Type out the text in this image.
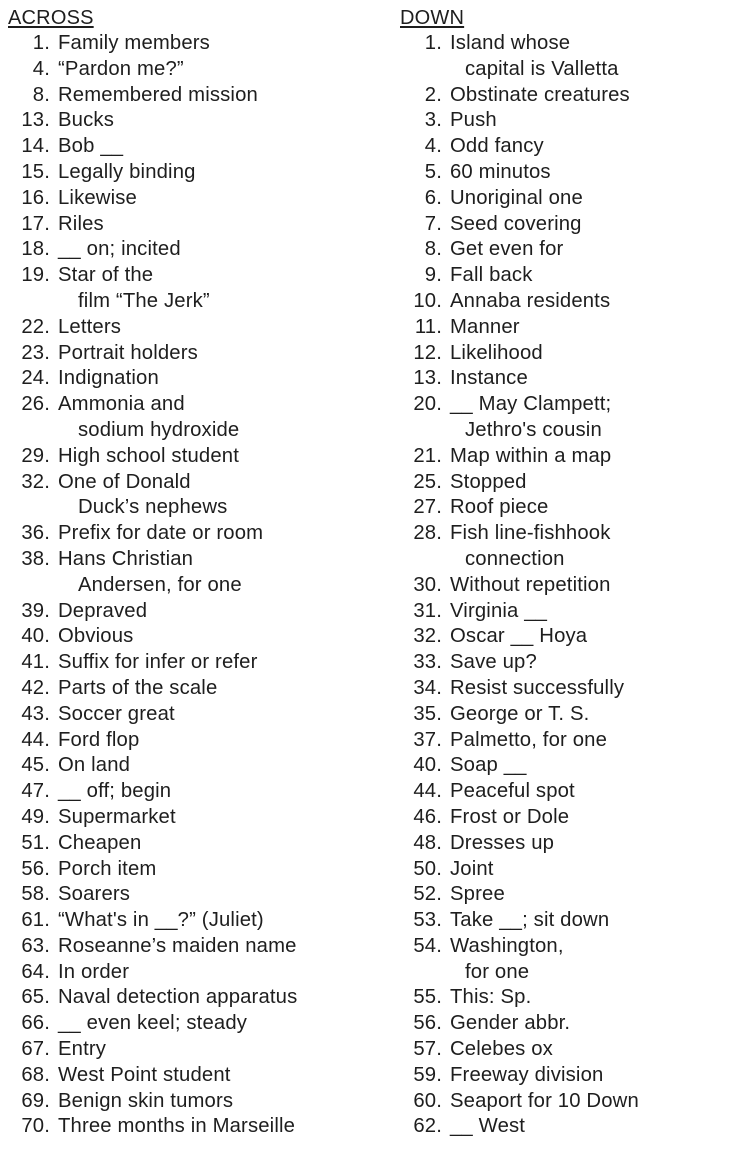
ACROSS
1. Family members
4. “Pardon me?”
8. Remembered mission
13. Bucks
14. Bob __
15. Legally binding
16. Likewise
17. Riles
18. __ on; incited
19. Star of the
film “The Jerk”
22. Letters
23. Portrait holders
24. Indignation
26. Ammonia and
sodium hydroxide
29. High school student
32. One of Donald
Duck’s nephews
36. Prefix for date or room
38. Hans Christian
Andersen, for one
39. Depraved
40. Obvious
41. Suffix for infer or refer
42. Parts of the scale
43. Soccer great
44. Ford flop
45. On land
47. __ off; begin
49. Supermarket
51. Cheapen
56. Porch item
58. Soarers
61. “What's in __?” (Juliet)
63. Roseanne’s maiden name
64. In order
65. Naval detection apparatus
66. __ even keel; steady
67. Entry
68. West Point student
69. Benign skin tumors
70. Three months in Marseille
DOWN
1. Island whose
capital is Valletta
2. Obstinate creatures
3. Push
4. Odd fancy
5. 60 minutos
6. Unoriginal one
7. Seed covering
8. Get even for
9. Fall back
10. Annaba residents
11. Manner
12. Likelihood
13. Instance
20. __ May Clampett;
Jethro's cousin
21. Map within a map
25. Stopped
27. Roof piece
28. Fish line-fishhook
connection
30. Without repetition
31. Virginia __
32. Oscar __ Hoya
33. Save up?
34. Resist successfully
35. George or T. S.
37. Palmetto, for one
40. Soap __
44. Peaceful spot
46. Frost or Dole
48. Dresses up
50. Joint
52. Spree
53. Take __; sit down
54. Washington,
for one
55. This: Sp.
56. Gender abbr.
57. Celebes ox
59. Freeway division
60. Seaport for 10 Down
62. __ West
